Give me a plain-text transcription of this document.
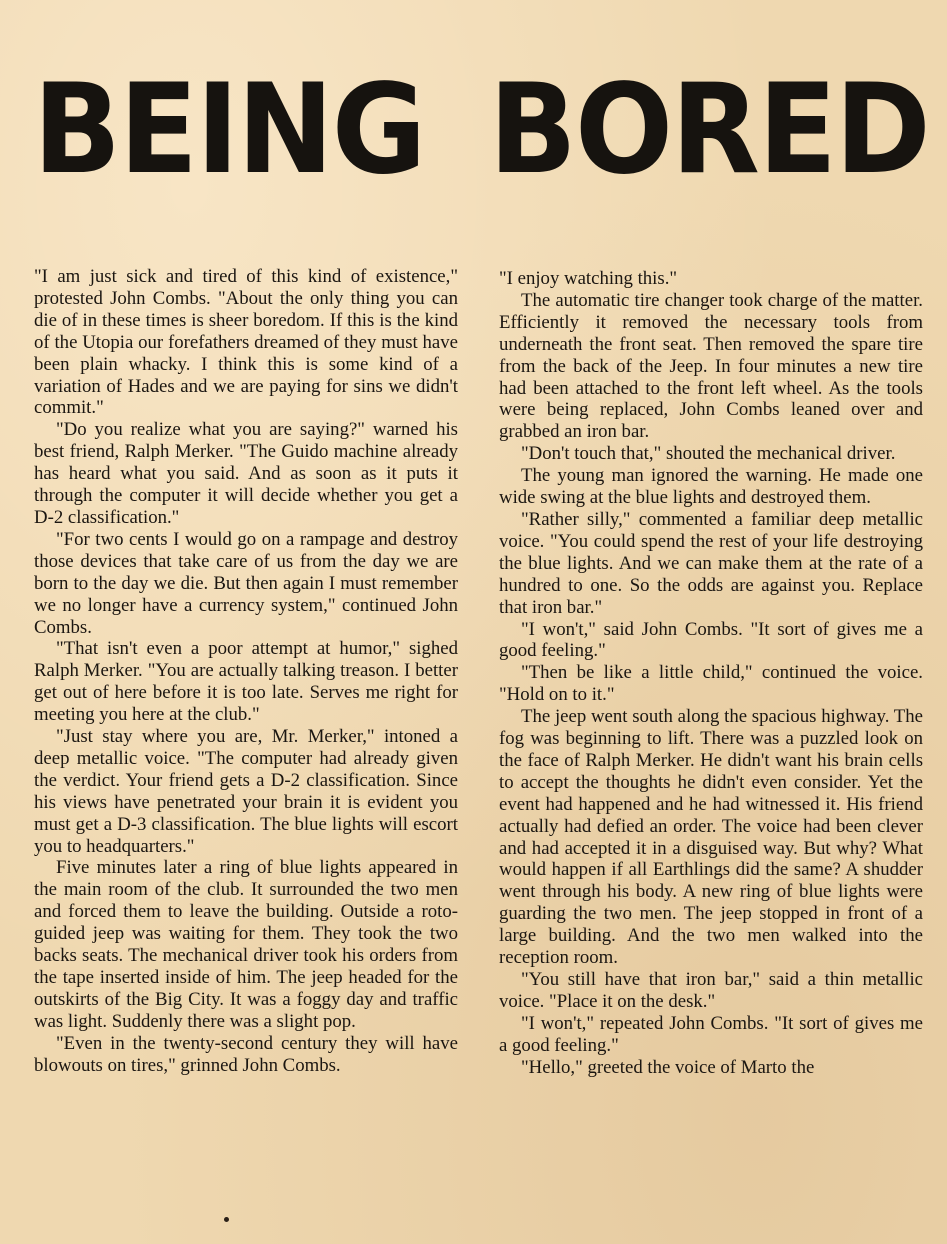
BEING BORED

"I am just sick and tired of this kind of existence," protested John Combs. "About the only thing you can die of in these times is sheer boredom. If this is the kind of the Utopia our forefathers dreamed of they must have been plain whacky. I think this is some kind of a variation of Hades and we are paying for sins we didn't commit."

"Do you realize what you are saying?" warned his best friend, Ralph Merker. "The Guido machine already has heard what you said. And as soon as it puts it through the computer it will decide whether you get a D-2 classification."

"For two cents I would go on a rampage and destroy those devices that take care of us from the day we are born to the day we die. But then again I must remember we no longer have a currency system," continued John Combs.

"That isn't even a poor attempt at humor," sighed Ralph Merker. "You are actually talking treason. I better get out of here before it is too late. Serves me right for meeting you here at the club."

"Just stay where you are, Mr. Merker," intoned a deep metallic voice. "The computer had already given the verdict. Your friend gets a D-2 classification. Since his views have penetrated your brain it is evident you must get a D-3 classification. The blue lights will escort you to headquarters."

Five minutes later a ring of blue lights appeared in the main room of the club. It surrounded the two men and forced them to leave the building. Outside a roto-guided jeep was waiting for them. They took the two backs seats. The mechanical driver took his orders from the tape inserted inside of him. The jeep headed for the outskirts of the Big City. It was a foggy day and traffic was light. Suddenly there was a slight pop.

"Even in the twenty-second century they will have blowouts on tires," grinned John Combs.

"I enjoy watching this."

The automatic tire changer took charge of the matter. Efficiently it removed the necessary tools from underneath the front seat. Then removed the spare tire from the back of the Jeep. In four minutes a new tire had been attached to the front left wheel. As the tools were being replaced, John Combs leaned over and grabbed an iron bar.

"Don't touch that," shouted the mechanical driver.

The young man ignored the warning. He made one wide swing at the blue lights and destroyed them.

"Rather silly," commented a familiar deep metallic voice. "You could spend the rest of your life destroying the blue lights. And we can make them at the rate of a hundred to one. So the odds are against you. Replace that iron bar."

"I won't," said John Combs. "It sort of gives me a good feeling."

"Then be like a little child," continued the voice. "Hold on to it."

The jeep went south along the spacious highway. The fog was beginning to lift. There was a puzzled look on the face of Ralph Merker. He didn't want his brain cells to accept the thoughts he didn't even consider. Yet the event had happened and he had witnessed it. His friend actually had defied an order. The voice had been clever and had accepted it in a disguised way. But why? What would happen if all Earthlings did the same? A shudder went through his body. A new ring of blue lights were guarding the two men. The jeep stopped in front of a large building. And the two men walked into the reception room.

"You still have that iron bar," said a thin metallic voice. "Place it on the desk."

"I won't," repeated John Combs. "It sort of gives me a good feeling."

"Hello," greeted the voice of Marto the
